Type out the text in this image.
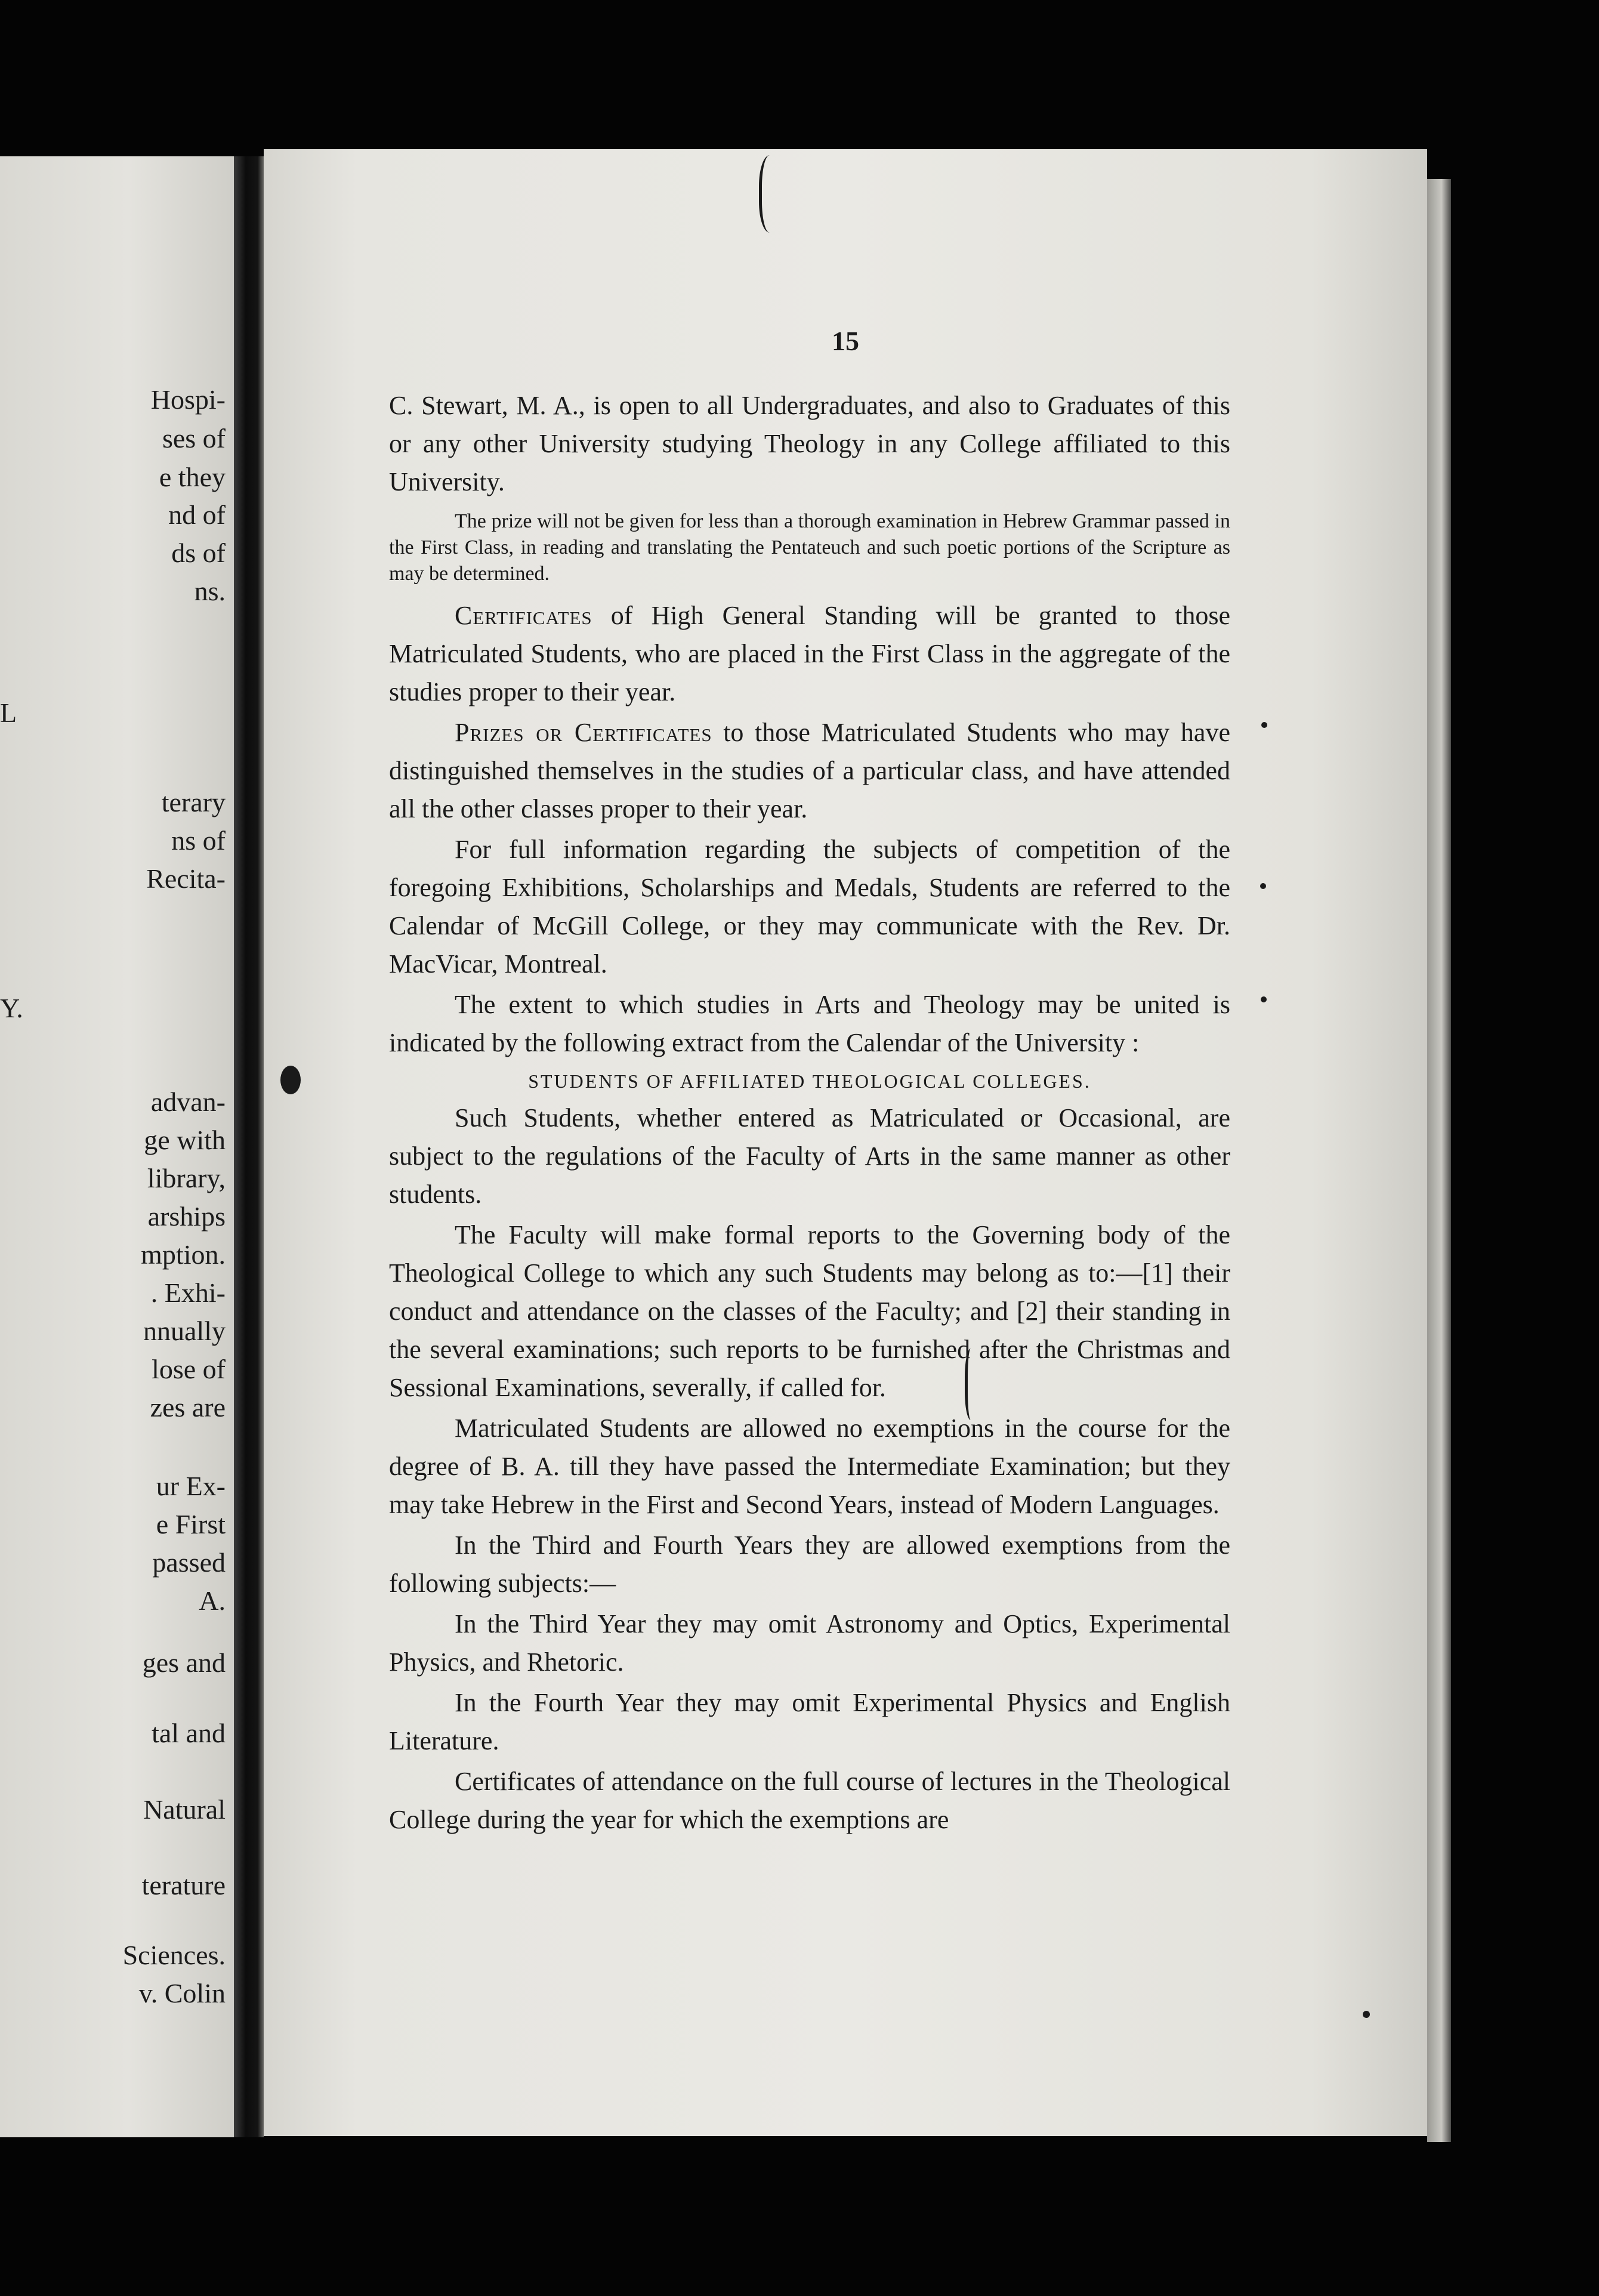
Hospi-
ses of
e they
nd of
ds of
ns.
L
terary
ns of
Recita-
Y.
advan-
ge with
library,
arships
mption.
. Exhi-
nnually
lose of
zes are
ur Ex-
e First
passed
A.
ges and
tal and
Natural
terature
Sciences.
v. Colin
15

C. Stewart, M. A., is open to all Undergraduates, and also to Graduates of this or any other University studying Theology in any College affiliated to this University.

The prize will not be given for less than a thorough examination in Hebrew Grammar passed in the First Class, in reading and translating the Pentateuch and such poetic portions of the Scripture as may be determined.

Certificates of High General Standing will be granted to those Matriculated Students, who are placed in the First Class in the aggregate of the studies proper to their year.

Prizes or Certificates to those Matriculated Students who may have distinguished themselves in the studies of a particular class, and have attended all the other classes proper to their year.

For full information regarding the subjects of competition of the foregoing Exhibitions, Scholarships and Medals, Students are referred to the Calendar of McGill College, or they may communicate with the Rev. Dr. MacVicar, Montreal.

The extent to which studies in Arts and Theology may be united is indicated by the following extract from the Calendar of the University :

STUDENTS OF AFFILIATED THEOLOGICAL COLLEGES.

Such Students, whether entered as Matriculated or Occasional, are subject to the regulations of the Faculty of Arts in the same manner as other students.

The Faculty will make formal reports to the Governing body of the Theological College to which any such Students may belong as to:—[1] their conduct and attendance on the classes of the Faculty; and [2] their standing in the several examinations; such reports to be furnished after the Christmas and Sessional Examinations, severally, if called for.

Matriculated Students are allowed no exemptions in the course for the degree of B. A. till they have passed the Intermediate Examination; but they may take Hebrew in the First and Second Years, instead of Modern Languages.

In the Third and Fourth Years they are allowed exemptions from the following subjects:—

In the Third Year they may omit Astronomy and Optics, Experimental Physics, and Rhetoric.

In the Fourth Year they may omit Experimental Physics and English Literature.

Certificates of attendance on the full course of lectures in the Theological College during the year for which the exemptions are
